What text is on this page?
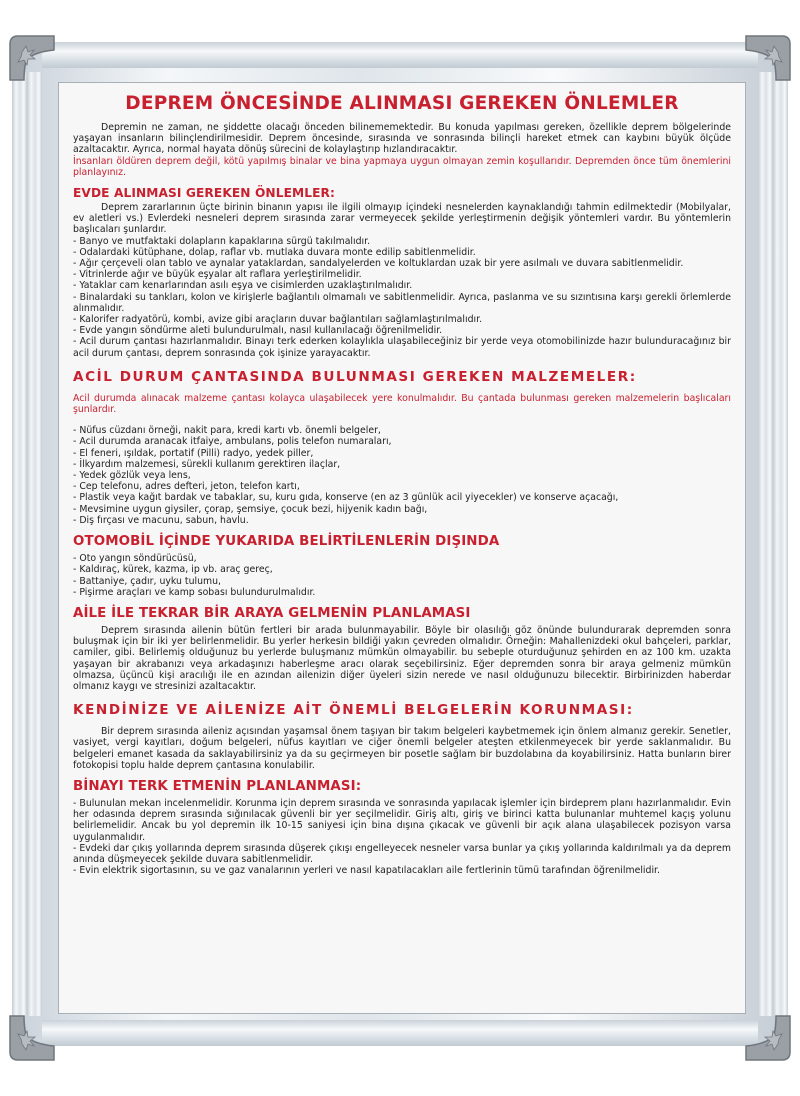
DEPREM ÖNCESİNDE ALINMASI GEREKEN ÖNLEMLER

Depremin ne zaman, ne şiddette olacağı önceden bilinememektedir. Bu konuda yapılması gereken, özellikle deprem bölgelerinde yaşayan insanların bilinçlendirilmesidir. Deprem öncesinde, sırasında ve sonrasında bilinçli hareket etmek can kaybını büyük ölçüde azaltacaktır. Ayrıca, normal hayata dönüş sürecini de kolaylaştırıp hızlandıracaktır.

İnsanları öldüren deprem değil, kötü yapılmış binalar ve bina yapmaya uygun olmayan zemin koşullarıdır. Depremden önce tüm önemlerini planlayınız.

EVDE ALINMASI GEREKEN ÖNLEMLER:

Deprem zararlarının üçte birinin binanın yapısı ile ilgili olmayıp içindeki nesnelerden kaynaklandığı tahmin edilmektedir (Mobilyalar, ev aletleri vs.) Evlerdeki nesneleri deprem sırasında zarar vermeyecek şekilde yerleştirmenin değişik yöntemleri vardır. Bu yöntemlerin başlıcaları şunlardır.

- Banyo ve mutfaktaki dolapların kapaklarına sürgü takılmalıdır.
- Odalardaki kütüphane, dolap, raflar vb. mutlaka duvara monte edilip sabitlenmelidir.
- Ağır çerçeveli olan tablo ve aynalar yataklardan, sandalyelerden ve koltuklardan uzak bir yere asılmalı ve duvara sabitlenmelidir.
- Vitrinlerde ağır ve büyük eşyalar alt raflara yerleştirilmelidir.
- Yataklar cam kenarlarından asılı eşya ve cisimlerden uzaklaştırılmalıdır.
- Binalardaki su tankları, kolon ve kirişlerle bağlantılı olmamalı ve sabitlenmelidir. Ayrıca, paslanma ve su sızıntısına karşı gerekli örlemlerde alınmalıdır.
- Kalorifer radyatörü, kombi, avize gibi araçların duvar bağlantıları sağlamlaştırılmalıdır.
- Evde yangın söndürme aleti bulundurulmalı, nasıl kullanılacağı öğrenilmelidir.
- Acil durum çantası hazırlanmalıdır. Binayı terk ederken kolaylıkla ulaşabileceğiniz bir yerde veya otomobilinizde hazır bulunduracağınız bir acil durum çantası, deprem sonrasında çok işinize yarayacaktır.
ACİL DURUM ÇANTASINDA BULUNMASI GEREKEN MALZEMELER:

Acil durumda alınacak malzeme çantası kolayca ulaşabilecek yere konulmalıdır. Bu çantada bulunması gereken malzemelerin başlıcaları şunlardır.

- Nüfus cüzdanı örneği, nakit para, kredi kartı vb. önemli belgeler,
- Acil durumda aranacak itfaiye, ambulans, polis telefon numaraları,
- El feneri, ışıldak, portatif (Pilli) radyo, yedek piller,
- İlkyardım malzemesi, sürekli kullanım gerektiren ilaçlar,
- Yedek gözlük veya lens,
- Cep telefonu, adres defteri, jeton, telefon kartı,
- Plastik veya kağıt bardak ve tabaklar, su, kuru gıda, konserve (en az 3 günlük acil yiyecekler) ve konserve açacağı,
- Mevsimine uygun giysiler, çorap, şemsiye, çocuk bezi, hijyenik kadın bağı,
- Diş fırçası ve macunu, sabun, havlu.
OTOMOBİL İÇİNDE YUKARIDA BELİRTİLENLERİN DIŞINDA
- Oto yangın söndürücüsü,
- Kaldıraç, kürek, kazma, ip vb. araç gereç,
- Battaniye, çadır, uyku tulumu,
- Pişirme araçları ve kamp sobası bulundurulmalıdır.
AİLE İLE TEKRAR BİR ARAYA GELMENİN PLANLAMASI

Deprem sırasında ailenin bütün fertleri bir arada bulunmayabilir. Böyle bir olasılığı göz önünde bulundurarak depremden sonra buluşmak için bir iki yer belirlenmelidir. Bu yerler herkesin bildiği yakın çevreden olmalıdır. Örneğin: Mahallenizdeki okul bahçeleri, parklar, camiler, gibi. Belirlemiş olduğunuz bu yerlerde buluşmanız mümkün olmayabilir. bu sebeple oturduğunuz şehirden en az 100 km. uzakta yaşayan bir akrabanızı veya arkadaşınızı haberleşme aracı olarak seçebilirsiniz. Eğer depremden sonra bir araya gelmeniz mümkün olmazsa, üçüncü kişi aracılığı ile en azından ailenizin diğer üyeleri sizin nerede ve nasıl olduğunuzu bilecektir. Birbirinizden haberdar olmanız kaygı ve stresinizi azaltacaktır.

KENDİNİZE VE AİLENİZE AİT ÖNEMLİ BELGELERİN KORUNMASI:

Bir deprem sırasında aileniz açısından yaşamsal önem taşıyan bir takım belgeleri kaybetmemek için önlem almanız gerekir. Senetler, vasiyet, vergi kayıtları, doğum belgeleri, nüfus kayıtları ve ciğer önemli belgeler ateşten etkilenmeyecek bir yerde saklanmalıdır. Bu belgeleri emanet kasada da saklayabilirsiniz ya da su geçirmeyen bir posetle sağlam bir buzdolabına da koyabilirsiniz. Hatta bunların birer fotokopisi toplu halde deprem çantasına konulabilir.

BİNAYI TERK ETMENİN PLANLANMASI:
- Bulunulan mekan incelenmelidir. Korunma için deprem sırasında ve sonrasında yapılacak işlemler için birdeprem planı hazırlanmalıdır. Evin her odasında deprem sırasında sığınılacak güvenli bir yer seçilmelidir. Giriş altı, giriş ve birinci katta bulunanlar muhtemel kaçış yolunu belirlemelidir. Ancak bu yol depremin ilk 10-15 saniyesi için bina dışına çıkacak ve güvenli bir açık alana ulaşabilecek pozisyon varsa uygulanmalıdır.
- Evdeki dar çıkış yollarında deprem sırasında düşerek çıkışı engelleyecek nesneler varsa bunlar ya çıkış yollarında kaldırılmalı ya da deprem anında düşmeyecek şekilde duvara sabitlenmelidir.
- Evin elektrik sigortasının, su ve gaz vanalarının yerleri ve nasıl kapatılacakları aile fertlerinin tümü tarafından öğrenilmelidir.
